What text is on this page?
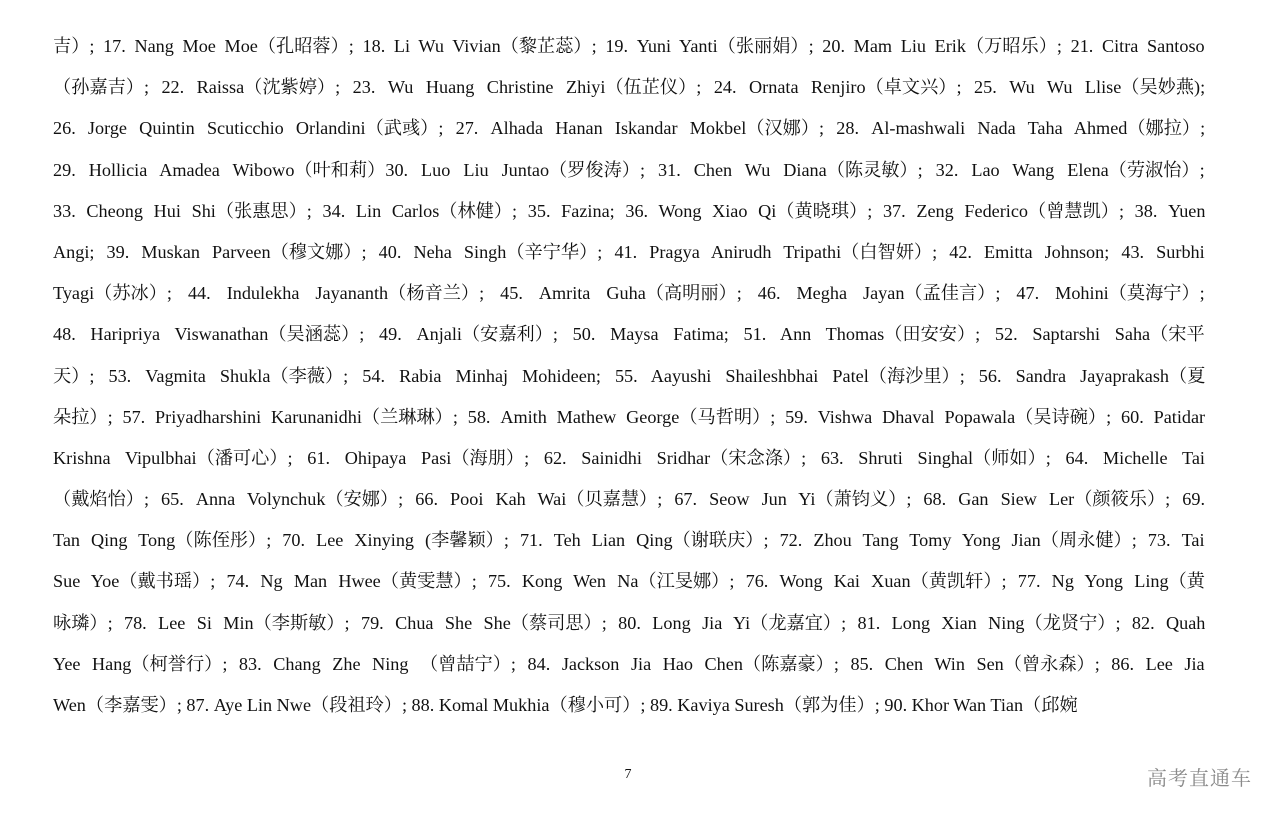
吉）; 17. Nang Moe Moe（孔昭蓉）; 18. Li Wu Vivian（黎芷蕊）; 19. Yuni Yanti（张丽娟）; 20. Mam Liu Erik（万昭乐）; 21. Citra Santoso
（孙嘉吉）; 22. Raissa（沈紫婷）; 23. Wu Huang Christine Zhiyi（伍芷仪）; 24. Ornata Renjiro（卓文兴）; 25. Wu Wu Llise（吴妙燕);
26. Jorge Quintin Scuticchio Orlandini（武彧）; 27. Alhada Hanan Iskandar Mokbel（汉娜）; 28. Al-mashwali Nada Taha Ahmed（娜拉）;
29. Hollicia Amadea Wibowo（叶和莉）30. Luo Liu Juntao（罗俊涛）; 31. Chen Wu Diana（陈灵敏）; 32. Lao Wang Elena（劳淑怡）;
33. Cheong Hui Shi（张惠思）; 34. Lin Carlos（林健）; 35. Fazina; 36. Wong Xiao Qi（黄晓琪）; 37. Zeng Federico（曾慧凯）; 38. Yuen
Angi; 39. Muskan Parveen（穆文娜）; 40. Neha Singh（辛宁华）; 41. Pragya Anirudh Tripathi（白智妍）; 42. Emitta Johnson; 43. Surbhi
Tyagi（苏冰）; 44. Indulekha Jayananth（杨音兰）; 45. Amrita Guha（高明丽）; 46. Megha Jayan（孟佳言）; 47. Mohini（莫海宁）;
48. Haripriya Viswanathan（吴涵蕊）; 49. Anjali（安嘉利）; 50. Maysa Fatima; 51. Ann Thomas（田安安）; 52. Saptarshi Saha（宋平
天）; 53. Vagmita Shukla（李薇）; 54. Rabia Minhaj Mohideen; 55. Aayushi Shaileshbhai Patel（海沙里）; 56. Sandra Jayaprakash（夏
朵拉）; 57. Priyadharshini Karunanidhi（兰琳琳）; 58. Amith Mathew George（马哲明）; 59. Vishwa Dhaval Popawala（吴诗碗）; 60. Patidar
Krishna Vipulbhai（潘可心）; 61. Ohipaya Pasi（海朋）; 62. Sainidhi Sridhar（宋念涤）; 63. Shruti Singhal（师如）; 64. Michelle Tai
（戴焰怡）; 65. Anna Volynchuk（安娜）; 66. Pooi Kah Wai（贝嘉慧）; 67. Seow Jun Yi（萧钧义）; 68. Gan Siew Ler（颜筱乐）; 69.
Tan Qing Tong（陈侄彤）; 70. Lee Xinying (李馨颖）; 71. Teh Lian Qing（谢联庆）; 72. Zhou Tang Tomy Yong Jian（周永健）; 73. Tai
Sue Yoe（戴书瑶）; 74. Ng Man Hwee（黄雯慧）; 75. Kong Wen Na（江旻娜）; 76. Wong Kai Xuan（黄凯轩）; 77. Ng Yong Ling（黄
咏璘）; 78. Lee Si Min（李斯敏）; 79. Chua She She（蔡司思）; 80. Long Jia Yi（龙嘉宜）; 81. Long Xian Ning（龙贤宁）; 82. Quah
Yee Hang（柯誉行）; 83. Chang Zhe Ning （曾喆宁）; 84. Jackson Jia Hao Chen（陈嘉豪）; 85. Chen Win Sen（曾永森）; 86. Lee Jia
Wen（李嘉雯）; 87. Aye Lin Nwe（段祖玲）; 88. Komal Mukhia（穆小可）; 89. Kaviya Suresh（郭为佳）; 90. Khor Wan Tian（邱婉
7	高考直通车
